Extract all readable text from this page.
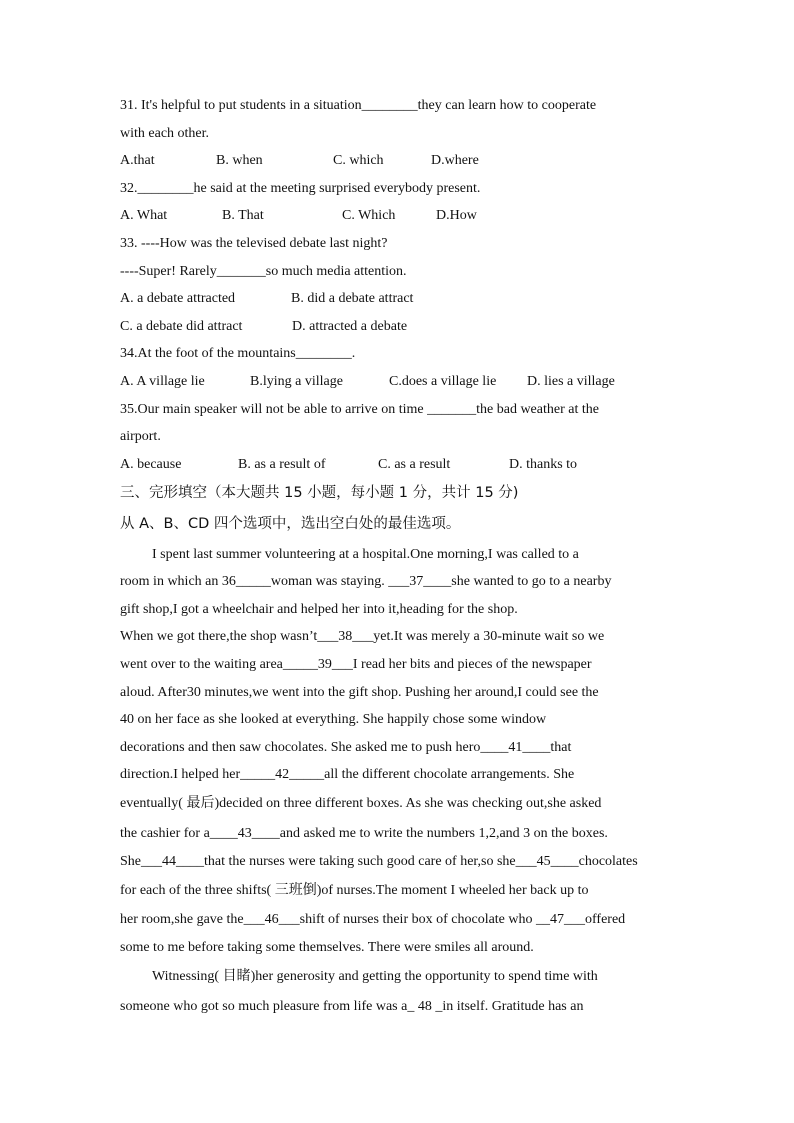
31. It's helpful to put students in a situation________they can learn how to cooperate
with each other.
A.that	B. when	C. which	D.where
32.________he said at the meeting surprised everybody present.
A. What	B. That	C. Which	D.How
33. ----How was the televised debate last night?
----Super! Rarely_______so much media attention.
A. a debate attracted	B. did a debate attract
C. a debate did attract	D. attracted a debate
34.At the foot of the mountains________.
A. A village lie	B.lying a village	C.does a village lie D. lies a village
35.Our main speaker will not be able to arrive on time _______the bad weather at the
airport.
A. because	B. as a result of	C. as a result	D. thanks to
三、完形填空（本大题共 15 小题，每小题 1 分，共计 15 分)
从 A、B、CD 四个选项中，选出空白处的最佳选项。
I spent last summer volunteering at a hospital.One morning,I was called to a
room in which an 36_____woman was staying. ___37____she wanted to go to a nearby
gift shop,I got a wheelchair and helped her into it,heading for the shop.
When we got there,the shop wasn’t___38___yet.It was merely a 30-minute wait so we
went over to the waiting area_____39___I read her bits and pieces of the newspaper
aloud. After30 minutes,we went into the gift shop. Pushing her around,I could see the
40 on her face as she looked at everything. She happily chose some window
decorations and then saw chocolates. She asked me to push hero____41____that
direction.I helped her_____42_____all the different chocolate arrangements. She
eventually( 最后)decided on three different boxes. As she was checking out,she asked
the cashier for a____43____and asked me to write the numbers 1,2,and 3 on the boxes.
She___44____that the nurses were taking such good care of her,so she___45____chocolates
for each of the three shifts( 三班倒)of nurses.The moment I wheeled her back up to
her room,she gave the___46___shift of nurses their box of chocolate who __47___offered
some to me before taking some themselves. There were smiles all around.
Witnessing( 目睹)her generosity and getting the opportunity to spend time with
someone who got so much pleasure from life was a_ 48 _in itself. Gratitude has an
